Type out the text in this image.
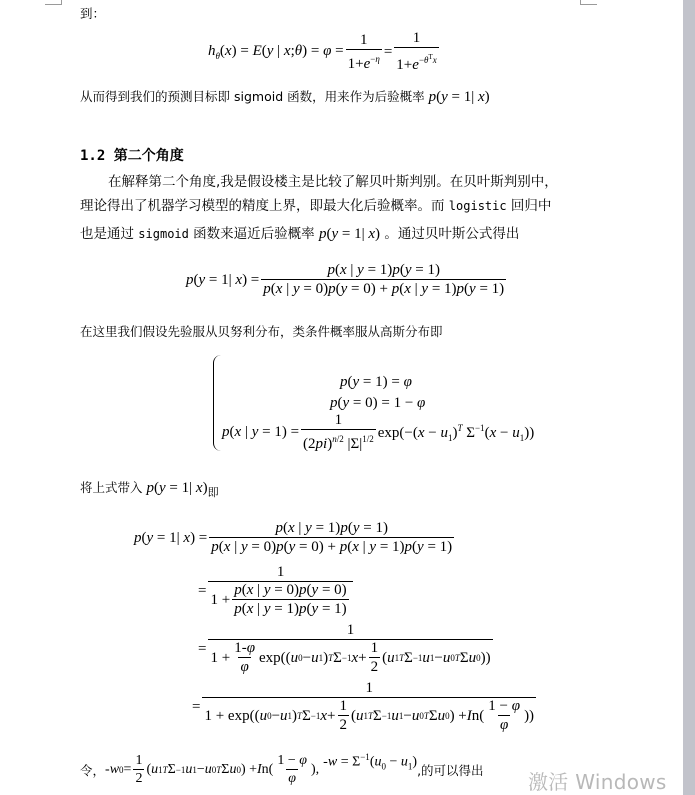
到：
$h_\theta(x) = E(y$ | x;θ) = $\varphi = \frac{1}{1+e^{-\eta}} = \frac{1}{1+e^{-\theta^Tx}}$
从而得到我们的预测目标即 sigmoid 函数，用来作为后验概率 p(y = 1| x)
1.2 第二个角度
在解释第二个角度,我是假设楼主是比较了解贝叶斯判别。在贝叶斯判别中，
理论得出了机器学习模型的精度上界，即最大化后验概率。而 logistic 回归中
也是通过 sigmoid 函数来逼近后验概率 p(y = 1| x) 。通过贝叶斯公式得出
p(y = 1| $x) = \frac{p(x | y = 1)p(y = 1)}{p(x | y = 0)p(y = 0) + p(x | y = 1)p(y = 1)}$
在这里我们假设先验服从贝努利分布，类条件概率服从高斯分布即
p(y = 1) = φ
p(y = 0) = 1 − φ
p(x | $y = 1) = \frac{1}{(2pi)^{n/2} |\Sigma|^{1/2}} \exp(-(x - u_1)^T$ $\Sigma^{-1}(x - u_1)$)
将上式带入 p(y = 1| x)即
p(y = 1| $x) = \frac{p(x | y = 1)p(y = 1)}{p(x | y = 0)p(y = 0) + p(x | y = 1)p(y = 1)}$
=
1
$1 + \frac{p(x | y = 0)p(y = 0)}{p(x | y = 1)p(y = 1)}$
=
1
$1 + \frac{1-\varphi}{\varphi} \exp$(( u 0 − u 1 ) T Σ −1 $x + \frac{1}{2}$ ( u 1 T Σ −1 u 1 − u 0 T Σ u 0 ))
=
1
1 + exp(( u 0 − u 1 ) T Σ −1 $x + \frac{1}{2}$ ( u 1 T Σ −1 u 1 − u 0 T Σ u 0 ) + I $n( \frac{1 - \varphi}{\varphi}$ ))
令， - w $0 = \frac{1}{2}$ ( u 1 T Σ −1 u 1 − u 0 T Σ u 0 ) + I $n( \frac{1 - \varphi}{\varphi}$ ), $-w = \Sigma^{-1}(u_0 - u_1)$
,的可以得出 激活 Windows
